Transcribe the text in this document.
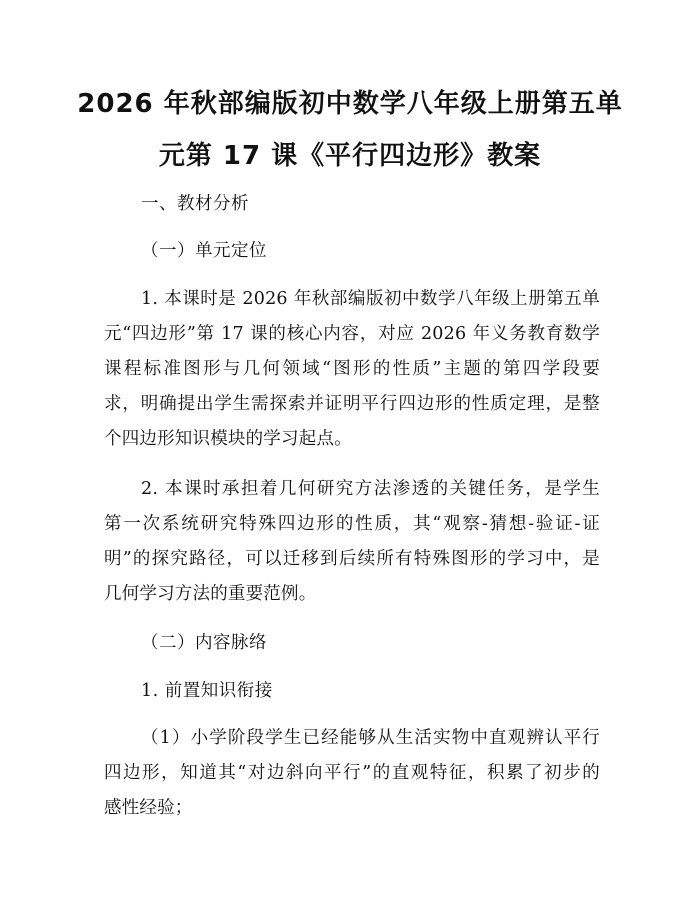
2026 年秋部编版初中数学八年级上册第五单
元第 17 课《平行四边形》教案
一、教材分析
（一）单元定位
1. 本课时是 2026 年秋部编版初中数学八年级上册第五单
元“四边形”第 17 课的核心内容，对应 2026 年义务教育数学
课程标准图形与几何领域“图形的性质”主题的第四学段要
求，明确提出学生需探索并证明平行四边形的性质定理，是整
个四边形知识模块的学习起点。
2. 本课时承担着几何研究方法渗透的关键任务，是学生
第一次系统研究特殊四边形的性质，其“观察-猜想-验证-证
明”的探究路径，可以迁移到后续所有特殊图形的学习中，是
几何学习方法的重要范例。
（二）内容脉络
1. 前置知识衔接
（1）小学阶段学生已经能够从生活实物中直观辨认平行
四边形，知道其“对边斜向平行”的直观特征，积累了初步的
感性经验；
